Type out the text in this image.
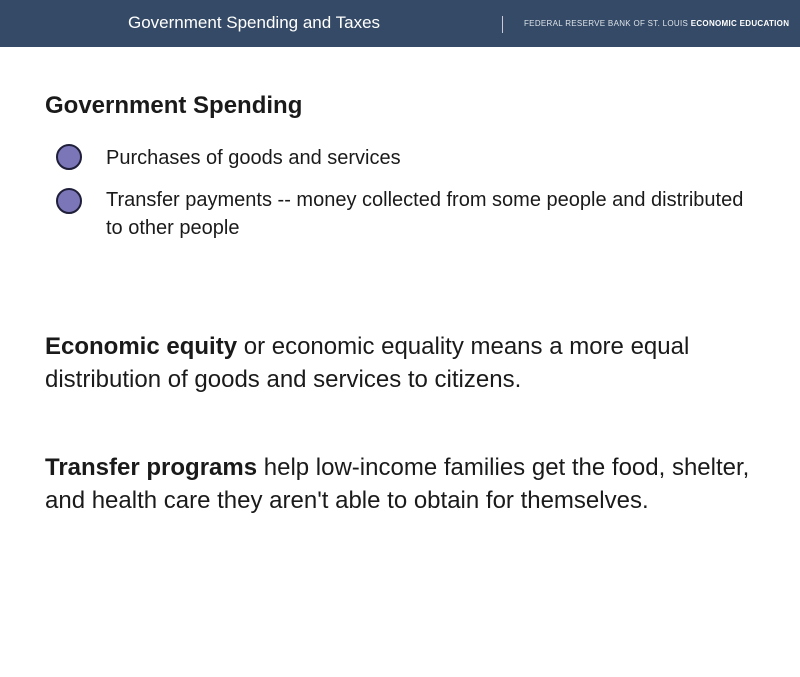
Government Spending and Taxes	FEDERAL RESERVE BANK OF ST. LOUIS ECONOMIC EDUCATION
Government Spending
Purchases of goods and services
Transfer payments -- money collected from some people and distributed to other people

Economic equity or economic equality means a more equal distribution of goods and services to citizens.

Transfer programs help low-income families get the food, shelter, and health care they aren't able to obtain for themselves.
